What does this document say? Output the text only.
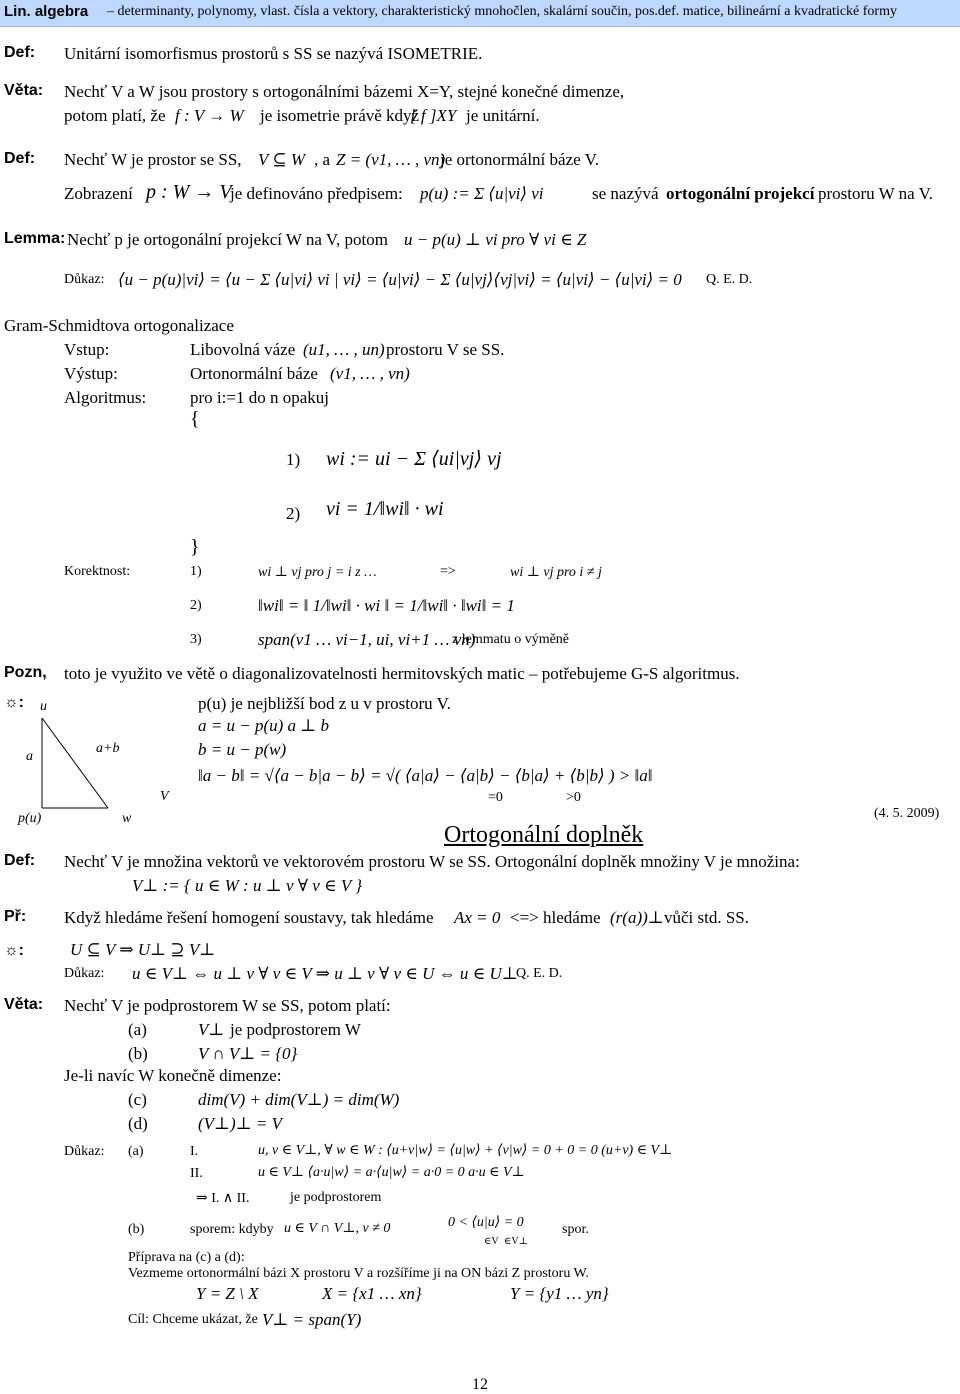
Lin. algebra – determinanty, polynomy, vlast. čísla a vektory, charakteristický mnohočlen, skalární součin, pos.def. matice, bilineární a kvadratické formy
Def: Unitární isomorfismus prostorů s SS se nazývá ISOMETRIE.
Věta: Nechť V a W jsou prostory s ortogonálními bázemi X=Y, stejné konečné dimenze,
potom platí, že f : V → W je isometrie právě když
[ f ]XY je unitární.
Def: Nechť W je prostor se SS, V ⊆ W , a Z = (v1, … , vn)
je ortonormální báze V.
Zobrazení p : W → V
je definováno předpisem: p(u) := Σ ⟨u|vi⟩ vi	se nazývá ortogonální projekcí prostoru W na V.
Lemma: Nechť p je ortogonální projekcí W na V, potom u − p(u) ⊥ vi pro ∀ vi ∈ Z
Důkaz: ⟨u − p(u)|vi⟩ = ⟨u − Σ ⟨u|vi⟩ vi | vi⟩ = ⟨u|vi⟩ − Σ ⟨u|vj⟩⟨vj|vi⟩ = ⟨u|vi⟩ − ⟨u|vi⟩ = 0 Q. E. D.
Gram-Schmidtova ortogonalizace
Vstup:	Libovolná váze (u1, … , un) prostoru V se SS.
Výstup:	Ortonormální báze (v1, … , vn)
Algoritmus:	pro i:=1 do n opakuj
{
1) wi := ui − Σ ⟨ui|vj⟩ vj
2) vi = 1/‖wi‖ · wi
}
Korektnost:	1)	wi ⊥ vj pro j = i z …	=>	wi ⊥ vj pro i ≠ j
2)	‖wi‖ = ‖ 1/‖wi‖ · wi ‖ = 1/‖wi‖ · ‖wi‖ = 1
3)	span(v1 … vi−1, ui, vi+1 … vn)
z lemmatu o výměně
Pozn, toto je využito ve větě o diagonalizovatelnosti hermitovských matic – potřebujeme G-S algoritmus.
☼: u
a
a+b
V
p(u)	w
p(u) je nejbližší bod z u v prostoru V.
a = u − p(u) a ⊥ b
b = u − p(w)
‖a − b‖ = √⟨a − b|a − b⟩ = √( ⟨a|a⟩ − ⟨a|b⟩ − ⟨b|a⟩ + ⟨b|b⟩ ) > ‖a‖
=0	>0
(4. 5. 2009)
Ortogonální doplněk
Def: Nechť V je množina vektorů ve vektorovém prostoru W se SS. Ortogonální doplněk množiny V je množina:
V⊥ := { u ∈ W : u ⊥ v ∀ v ∈ V }
Př: Když hledáme řešení homogení soustavy, tak hledáme Ax = 0 <=> hledáme (r(a))⊥ vůči std. SS.
☼:	U ⊆ V ⇒ U⊥ ⊇ V⊥
Důkaz: u ∈ V⊥ ⇔ u ⊥ v ∀ v ∈ V ⇒ u ⊥ v ∀ v ∈ U ⇔ u ∈ U⊥
Q. E. D.
Věta: Nechť V je podprostorem W se SS, potom platí:
(a)	V⊥ je podprostorem W
(b)	V ∩ V⊥ = {0}
Je-li navíc W konečně dimenze:
(c)	dim(V) + dim(V⊥) = dim(W)
(d)	(V⊥)⊥ = V
Důkaz: (a)	I.	u, v ∈ V⊥, ∀ w ∈ W : ⟨u+v|w⟩ = ⟨u|w⟩ + ⟨v|w⟩ = 0 + 0 = 0 (u+v) ∈ V⊥
II.	u ∈ V⊥ ⟨a·u|w⟩ = a·⟨u|w⟩ = a·0 = 0 a·u ∈ V⊥
⇒ I. ∧ II.	je podprostorem
(b)	sporem: kdyby u ∈ V ∩ V⊥, v ≠ 0	0 < ⟨u|u⟩ = 0
∈V ∈V⊥
spor.
Příprava na (c) a (d):
Vezmeme ortonormální bázi X prostoru V a rozšíříme ji na ON bázi Z prostoru W.
Y = Z \ X	X = {x1 … xn}	Y = {y1 … yn}
Cíl: Chceme ukázat, že V⊥ = span(Y)
12
